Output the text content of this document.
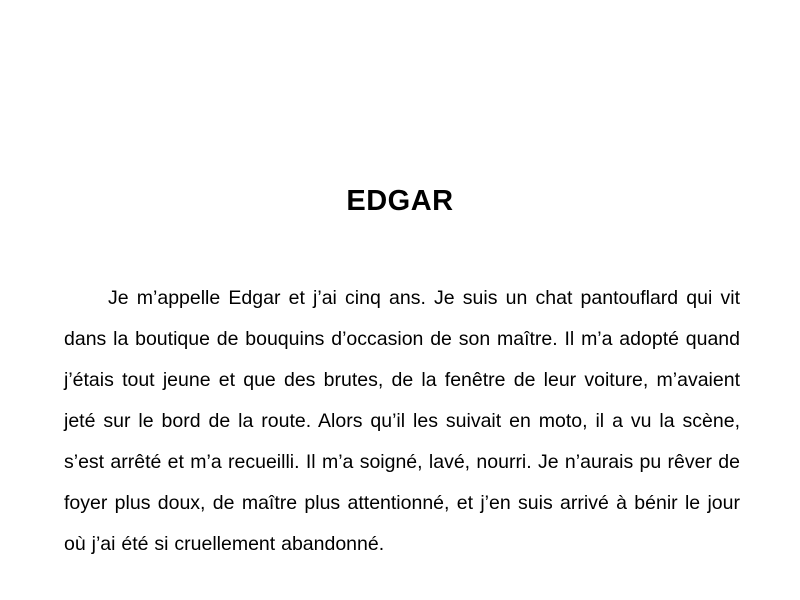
EDGAR

Je m’appelle Edgar et j’ai cinq ans. Je suis un chat pantouflard qui vit dans la boutique de bouquins d’occasion de son maître. Il m’a adopté quand j’étais tout jeune et que des brutes, de la fenêtre de leur voiture, m’avaient jeté sur le bord de la route. Alors qu’il les suivait en moto, il a vu la scène, s’est arrêté et m’a recueilli. Il m’a soigné, lavé, nourri. Je n’aurais pu rêver de foyer plus doux, de maître plus attentionné, et j’en suis arrivé à bénir le jour où j’ai été si cruellement abandonné.
